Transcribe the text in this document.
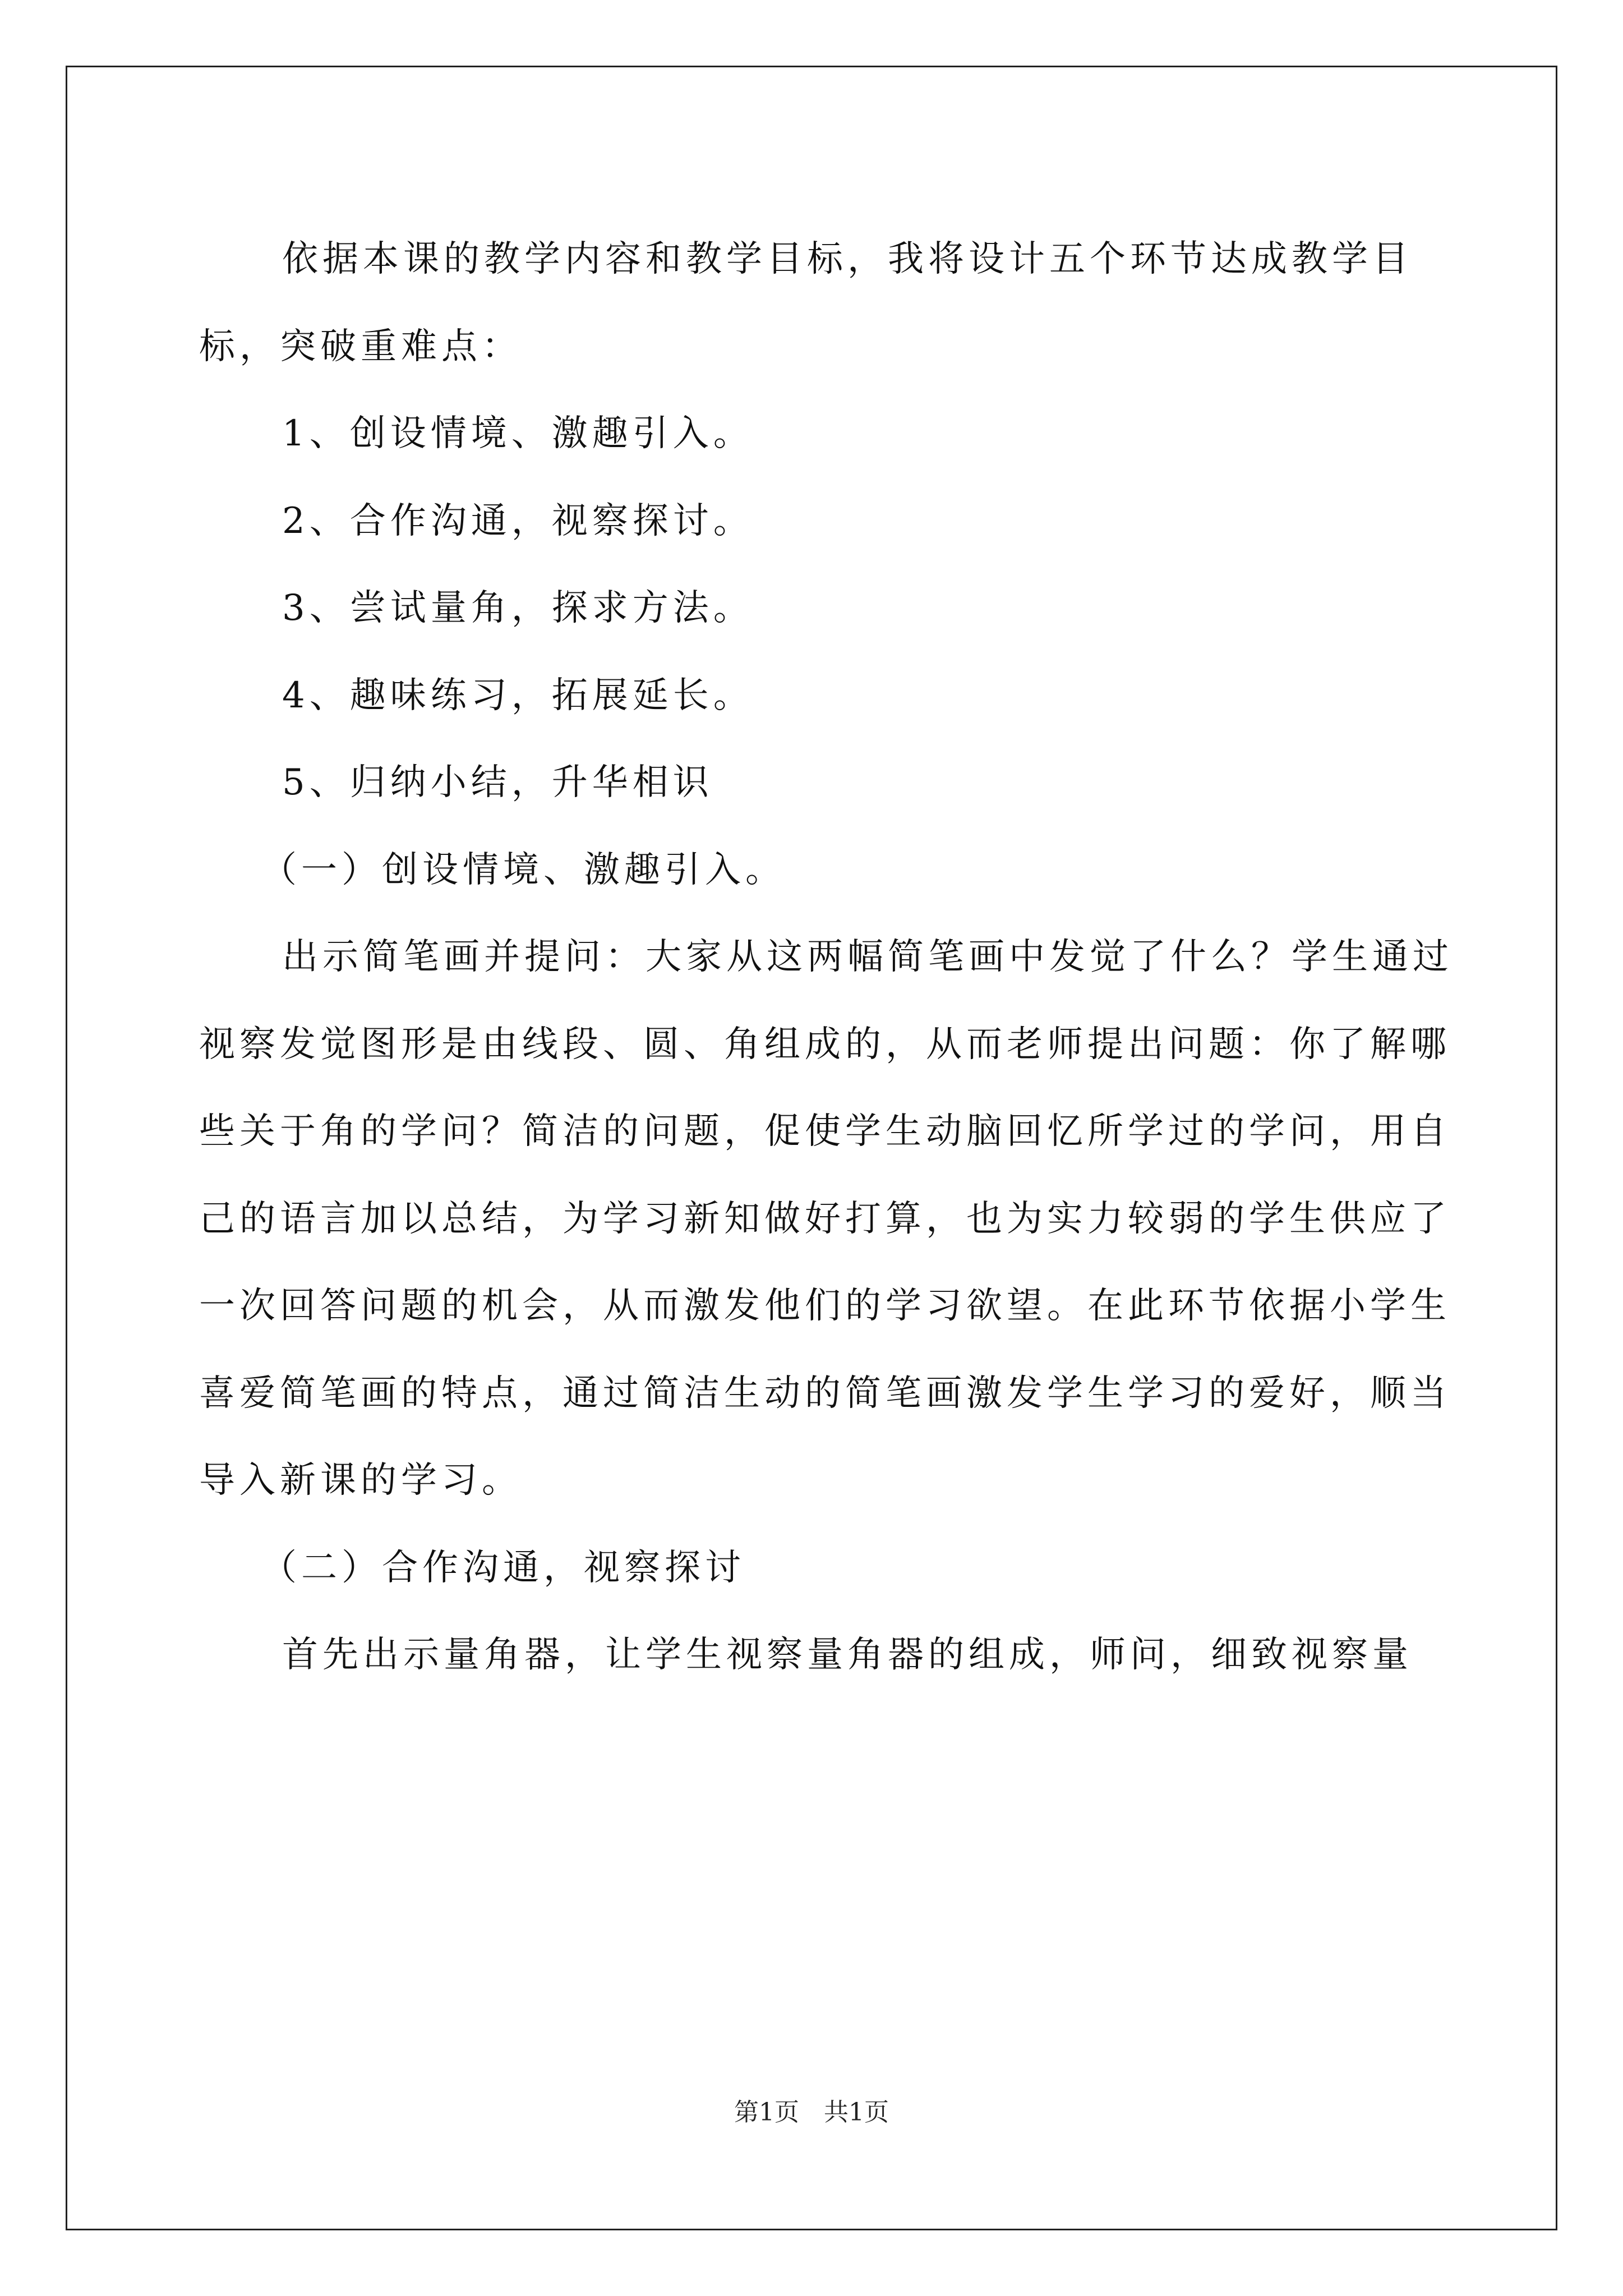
依据本课的教学内容和教学目标，我将设计五个环节达成教学目标，突破重难点：

1、创设情境、激趣引入。

2、合作沟通，视察探讨。

3、尝试量角，探求方法。

4、趣味练习，拓展延长。

5、归纳小结，升华相识

（一）创设情境、激趣引入。

出示简笔画并提问：大家从这两幅简笔画中发觉了什么？学生通过视察发觉图形是由线段、圆、角组成的，从而老师提出问题：你了解哪些关于角的学问？简洁的问题，促使学生动脑回忆所学过的学问，用自己的语言加以总结，为学习新知做好打算，也为实力较弱的学生供应了一次回答问题的机会，从而激发他们的学习欲望。在此环节依据小学生喜爱简笔画的特点，通过简洁生动的简笔画激发学生学习的爱好，顺当导入新课的学习。

（二）合作沟通，视察探讨

首先出示量角器，让学生视察量角器的组成，师问，细致视察量

第1页　共1页
